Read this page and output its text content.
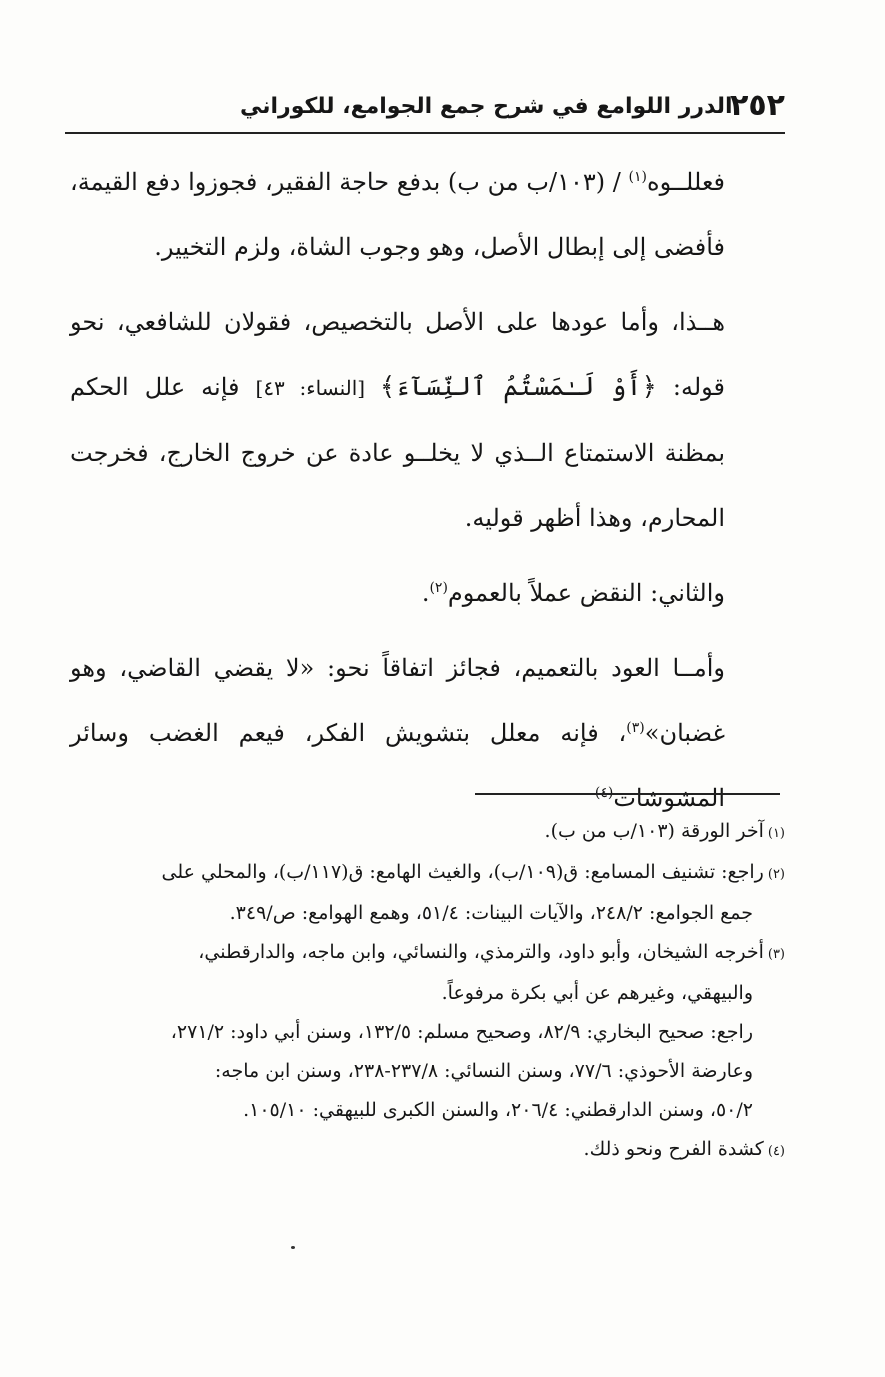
٢٥٢
الدرر اللوامع في شرح جمع الجوامع، للكوراني

فعللــوه$^{(١)}$ / (١٠٣/ب من ب) بدفع حاجة الفقير، فجوزوا دفع القيمة، فأفضى إلى إبطال الأصل، وهو وجوب الشاة، ولزم التخيير.

هــذا، وأما عودها على الأصل بالتخصيص، فقولان للشافعي، نحو قوله: ﴿أَوْ لَـٰمَسْتُمُ ٱلنِّسَآءَ﴾ [النساء: ٤٣] فإنه علل الحكم بمظنة الاستمتاع الــذي لا يخلــو عادة عن خروج الخارج، فخرجت المحارم، وهذا أظهر قوليه.

والثاني: النقض عملاً بالعموم$^{(٢)}$.

وأمــا العود بالتعميم، فجائز اتفاقاً نحو: «لا يقضي القاضي، وهو غضبان»$^{(٣)}$، فإنه معلل بتشويش الفكر، فيعم الغضب وسائر المشوشات$^{(٤)}$

(١)آخر الورقة (١٠٣/ب من ب).

(٢)راجع: تشنيف المسامع: ق(١٠٩/ب)، والغيث الهامع: ق(١١٧/ب)، والمحلي على

جمع الجوامع: ٢٤٨/٢، والآيات البينات: ٥١/٤، وهمع الهوامع: ص/٣٤٩.

(٣)أخرجه الشيخان، وأبو داود، والترمذي، والنسائي، وابن ماجه، والدارقطني،

والبيهقي، وغيرهم عن أبي بكرة مرفوعاً.

راجع: صحيح البخاري: ٨٢/٩، وصحيح مسلم: ١٣٢/٥، وسنن أبي داود: ٢٧١/٢،

وعارضة الأحوذي: ٧٧/٦، وسنن النسائي: ٢٣٧/٨-٢٣٨، وسنن ابن ماجه:

٥٠/٢، وسنن الدارقطني: ٢٠٦/٤، والسنن الكبرى للبيهقي: ١٠٥/١٠.

(٤)كشدة الفرح ونحو ذلك.
